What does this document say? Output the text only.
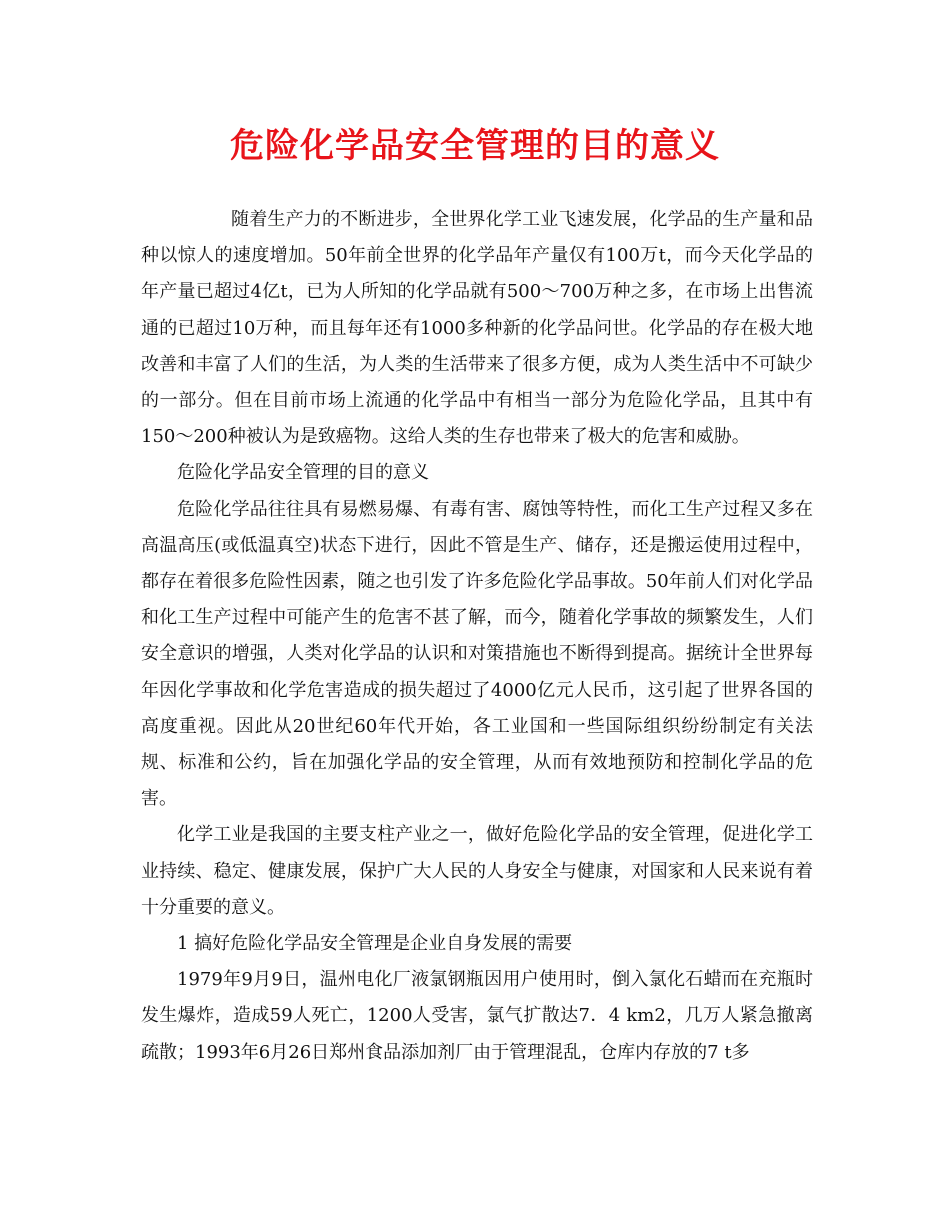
危险化学品安全管理的目的意义

随着生产力的不断进步，全世界化学工业飞速发展，化学品的生产量和品种以惊人的速度增加。50年前全世界的化学品年产量仅有100万t，而今天化学品的年产量已超过4亿t，已为人所知的化学品就有500～700万种之多，在市场上出售流通的已超过10万种，而且每年还有1000多种新的化学品问世。化学品的存在极大地改善和丰富了人们的生活，为人类的生活带来了很多方便，成为人类生活中不可缺少的一部分。但在目前市场上流通的化学品中有相当一部分为危险化学品，且其中有150～200种被认为是致癌物。这给人类的生存也带来了极大的危害和威胁。

危险化学品安全管理的目的意义

危险化学品往往具有易燃易爆、有毒有害、腐蚀等特性，而化工生产过程又多在高温高压(或低温真空)状态下进行，因此不管是生产、储存，还是搬运使用过程中，都存在着很多危险性因素，随之也引发了许多危险化学品事故。50年前人们对化学品和化工生产过程中可能产生的危害不甚了解，而今，随着化学事故的频繁发生，人们安全意识的增强，人类对化学品的认识和对策措施也不断得到提高。据统计全世界每年因化学事故和化学危害造成的损失超过了4000亿元人民币，这引起了世界各国的高度重视。因此从20世纪60年代开始，各工业国和一些国际组织纷纷制定有关法规、标准和公约，旨在加强化学品的安全管理，从而有效地预防和控制化学品的危害。

化学工业是我国的主要支柱产业之一，做好危险化学品的安全管理，促进化学工业持续、稳定、健康发展，保护广大人民的人身安全与健康，对国家和人民来说有着十分重要的意义。

1 搞好危险化学品安全管理是企业自身发展的需要

1979年9月9日，温州电化厂液氯钢瓶因用户使用时，倒入氯化石蜡而在充瓶时发生爆炸，造成59人死亡，1200人受害，氯气扩散达7．4 km2，几万人紧急撤离疏散；1993年6月26日郑州食品添加剂厂由于管理混乱，仓库内存放的7 t多
